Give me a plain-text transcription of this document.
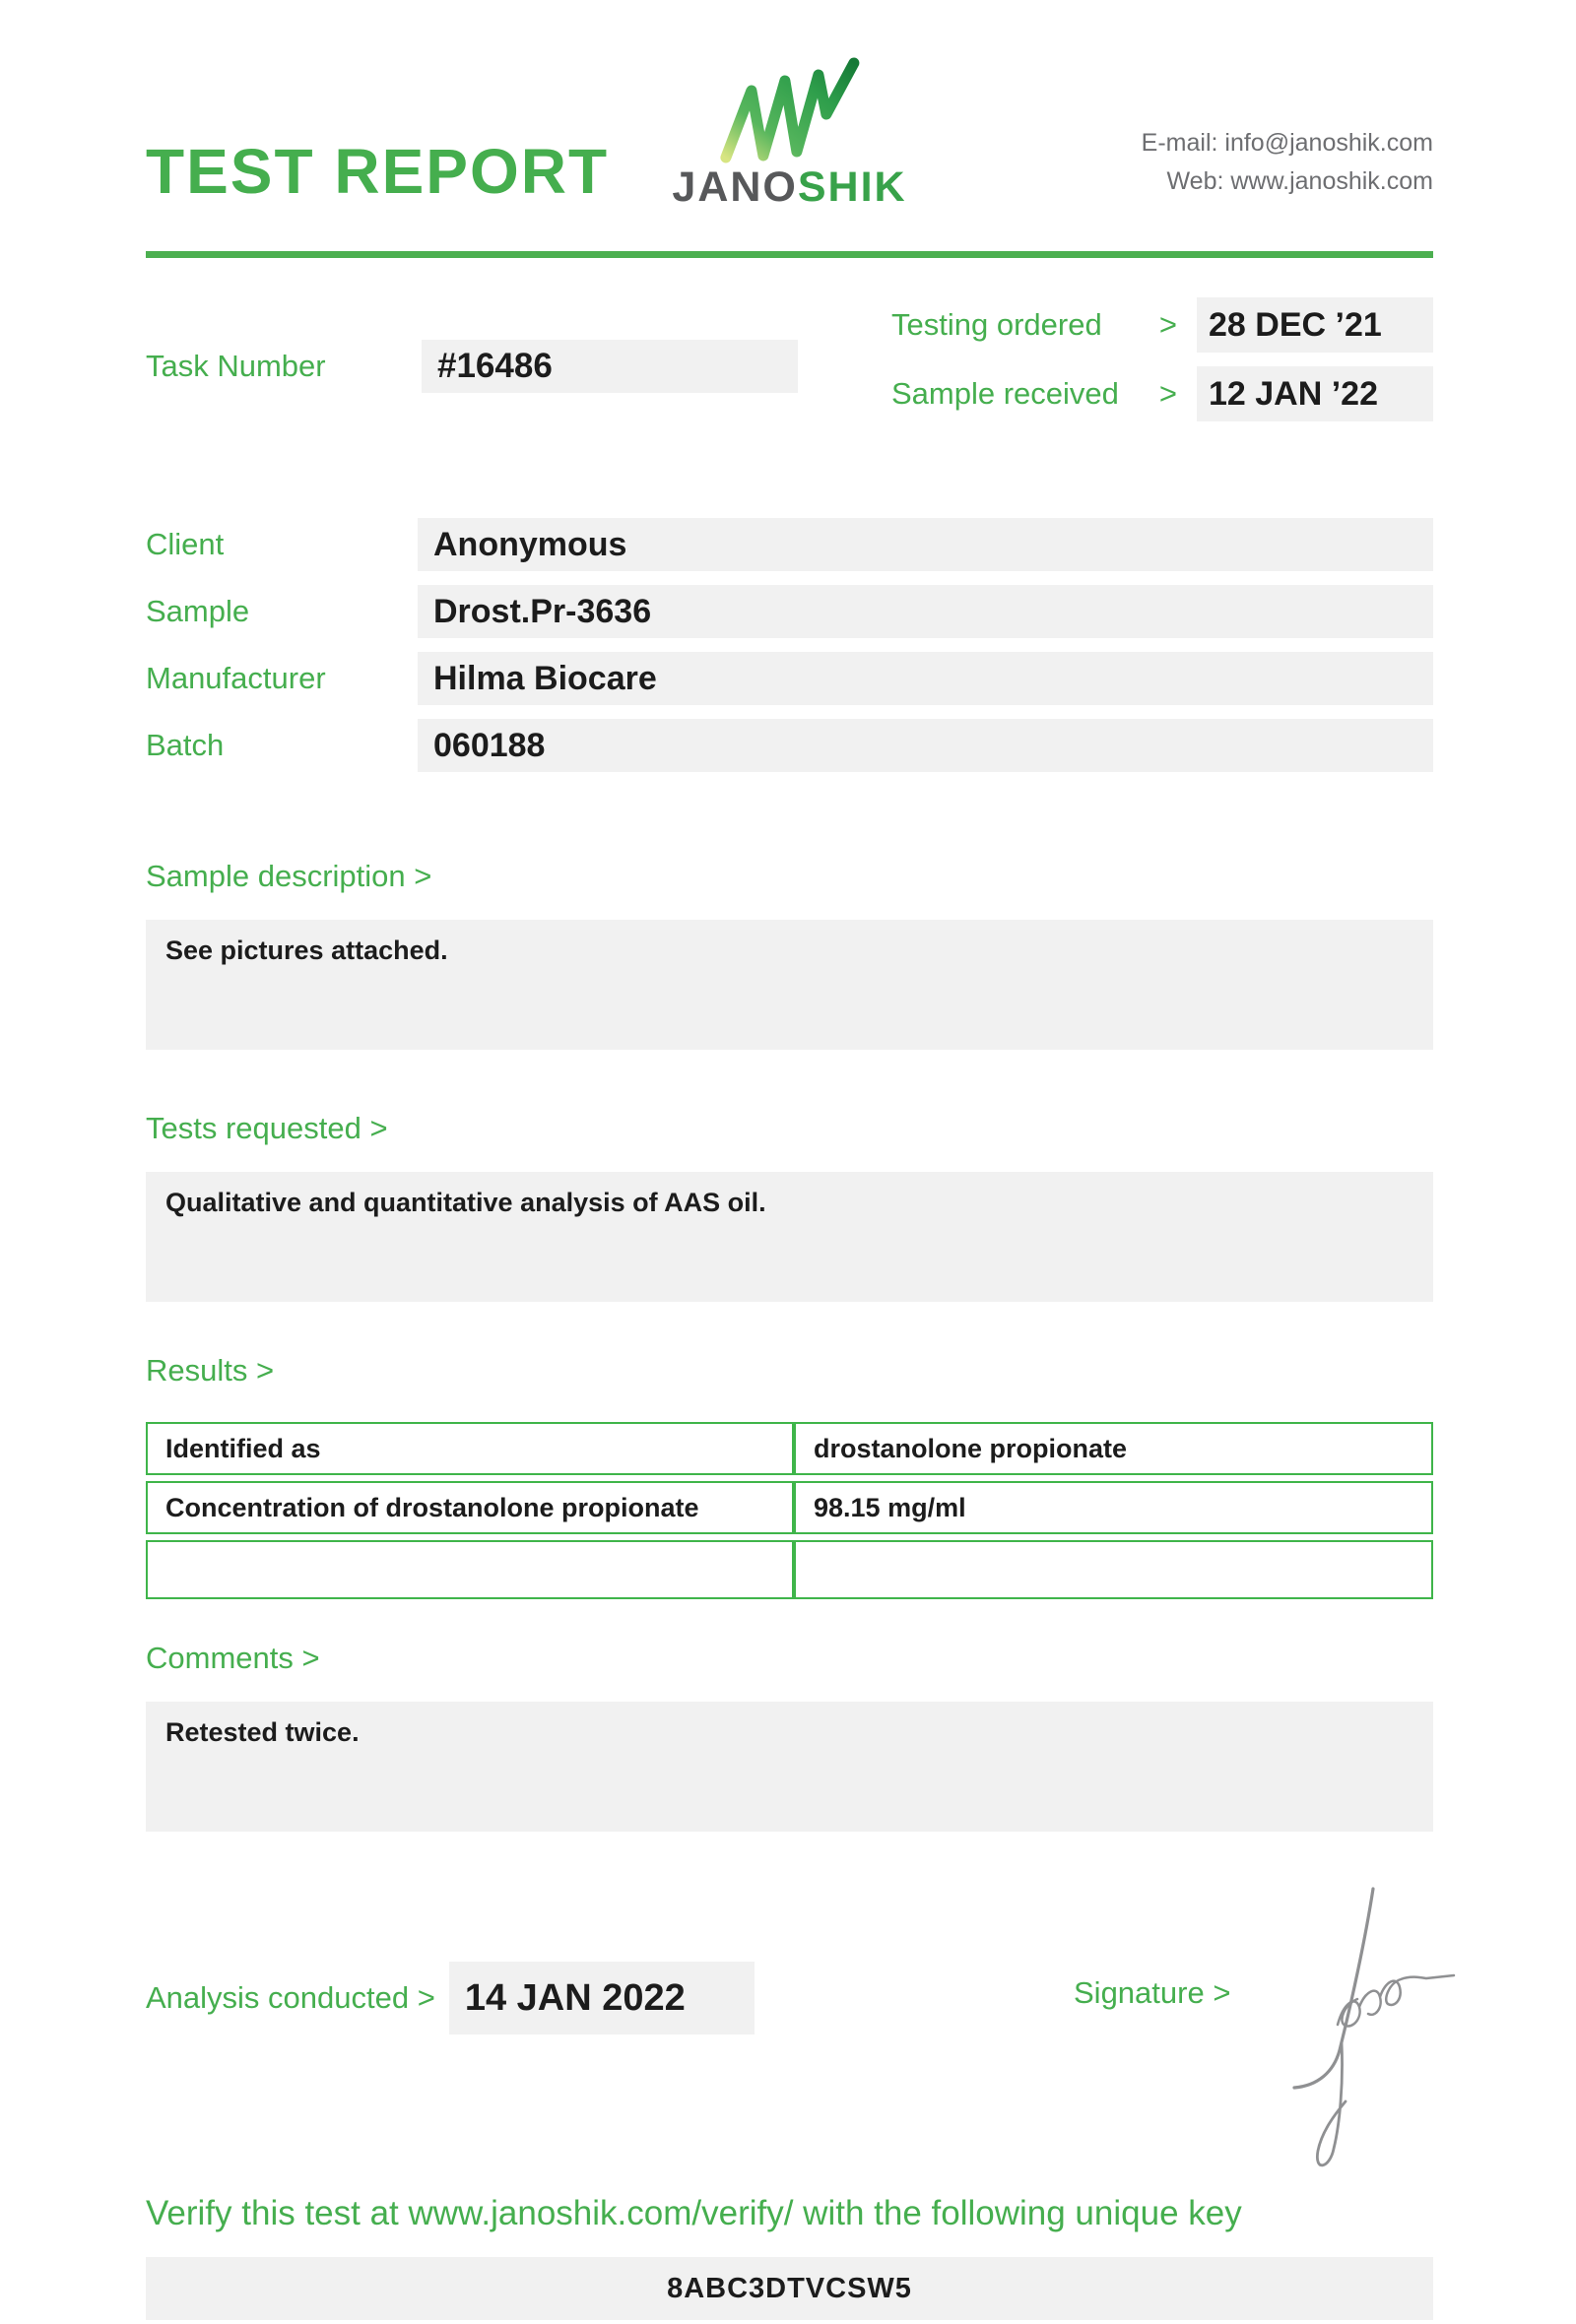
TEST REPORT JANOSHIK
E-mail: info@janoshik.com
Web: www.janoshik.com
Task Number	#16486
Testing ordered > 28 DEC ’21
Sample received > 12 JAN ’22
Client	Anonymous
Sample	Drost.Pr-3636
Manufacturer	Hilma Biocare
Batch	060188
Sample description >
See pictures attached.
Tests requested >
Qualitative and quantitative analysis of AAS oil.
Results >
Identified as	drostanolone propionate
Concentration of drostanolone propionate	98.15 mg/ml
Comments >
Retested twice.
Analysis conducted > 14 JAN 2022	Signature >
Verify this test at www.janoshik.com/verify/ with the following unique key
8ABC3DTVCSW5
